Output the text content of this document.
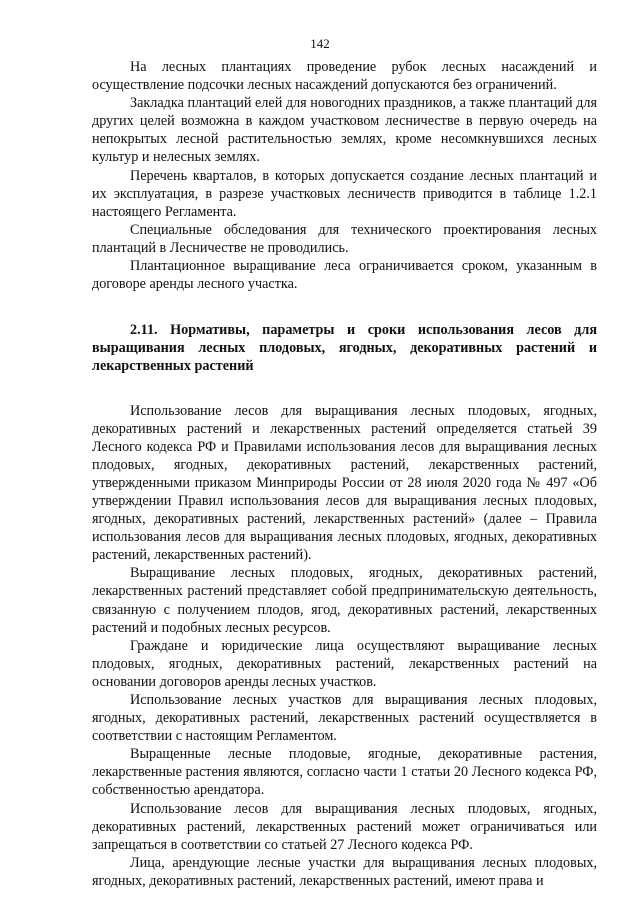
142

На лесных плантациях проведение рубок лесных насаждений и осуществление подсочки лесных насаждений допускаются без ограничений.

Закладка плантаций елей для новогодних праздников, а также плантаций для других целей возможна в каждом участковом лесничестве в первую очередь на непокрытых лесной растительностью землях, кроме несомкнувшихся лесных культур и нелесных землях.

Перечень кварталов, в которых допускается создание лесных плантаций и их эксплуатация, в разрезе участковых лесничеств приводится в таблице 1.2.1 настоящего Регламента.

Специальные обследования для технического проектирования лесных плантаций в Лесничестве не проводились.

Плантационное выращивание леса ограничивается сроком, указанным в договоре аренды лесного участка.

2.11. Нормативы, параметры и сроки использования лесов для выращивания лесных плодовых, ягодных, декоративных растений и лекарственных растений

Использование лесов для выращивания лесных плодовых, ягодных, декоративных растений и лекарственных растений определяется статьей 39 Лесного кодекса РФ и Правилами использования лесов для выращивания лесных плодовых, ягодных, декоративных растений, лекарственных растений, утвержденными приказом Минприроды России от 28 июля 2020 года № 497 «Об утверждении Правил использования лесов для выращивания лесных плодовых, ягодных, декоративных растений, лекарственных растений» (далее – Правила использования лесов для выращивания лесных плодовых, ягодных, декоративных растений, лекарственных растений).

Выращивание лесных плодовых, ягодных, декоративных растений, лекарственных растений представляет собой предпринимательскую деятельность, связанную с получением плодов, ягод, декоративных растений, лекарственных растений и подобных лесных ресурсов.

Граждане и юридические лица осуществляют выращивание лесных плодовых, ягодных, декоративных растений, лекарственных растений на основании договоров аренды лесных участков.

Использование лесных участков для выращивания лесных плодовых, ягодных, декоративных растений, лекарственных растений осуществляется в соответствии с настоящим Регламентом.

Выращенные лесные плодовые, ягодные, декоративные растения, лекарственные растения являются, согласно части 1 статьи 20 Лесного кодекса РФ, собственностью арендатора.

Использование лесов для выращивания лесных плодовых, ягодных, декоративных растений, лекарственных растений может ограничиваться или запрещаться в соответствии со статьей 27 Лесного кодекса РФ.

Лица, арендующие лесные участки для выращивания лесных плодовых, ягодных, декоративных растений, лекарственных растений, имеют права и
